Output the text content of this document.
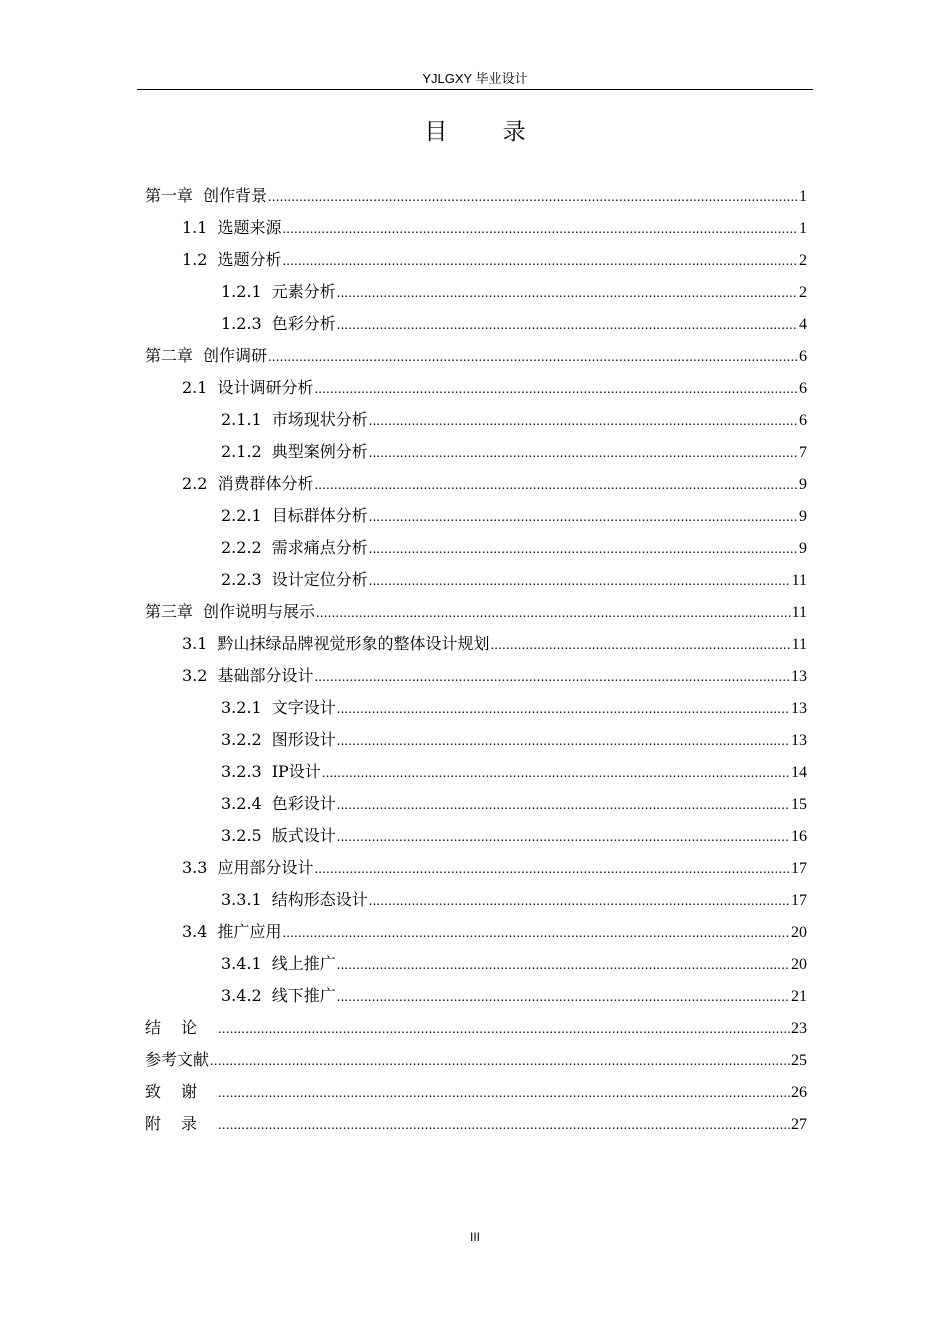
YJLGXY 毕业设计
目 录
第一章 创作背景 .....	1
1.1 选题来源 .....	1
1.2 选题分析 .....	2
1.2.1 元素分析 .....	2
1.2.3 色彩分析 .....	4
第二章 创作调研 .....	6
2.1 设计调研分析 .....	6
2.1.1 市场现状分析 .....	6
2.1.2 典型案例分析 .....	7
2.2 消费群体分析 .....	9
2.2.1 目标群体分析 .....	9
2.2.2 需求痛点分析 .....	9
2.2.3 设计定位分析 .....	11
第三章 创作说明与展示 .....	11
3.1 黔山抹绿品牌视觉形象的整体设计规划 .....	11
3.2 基础部分设计 .....	13
3.2.1 文字设计 .....	13
3.2.2 图形设计 .....	13
3.2.3 IP设计 .....	14
3.2.4 色彩设计 .....	15
3.2.5 版式设计 .....	16
3.3 应用部分设计 .....	17
3.3.1 结构形态设计 .....	17
3.4 推广应用 .....	20
3.4.1 线上推广 .....	20
3.4.2 线下推广 .....	21
结论 .....	23
参考文献 .....	25
致谢 .....	26
附录 .....	27
III
